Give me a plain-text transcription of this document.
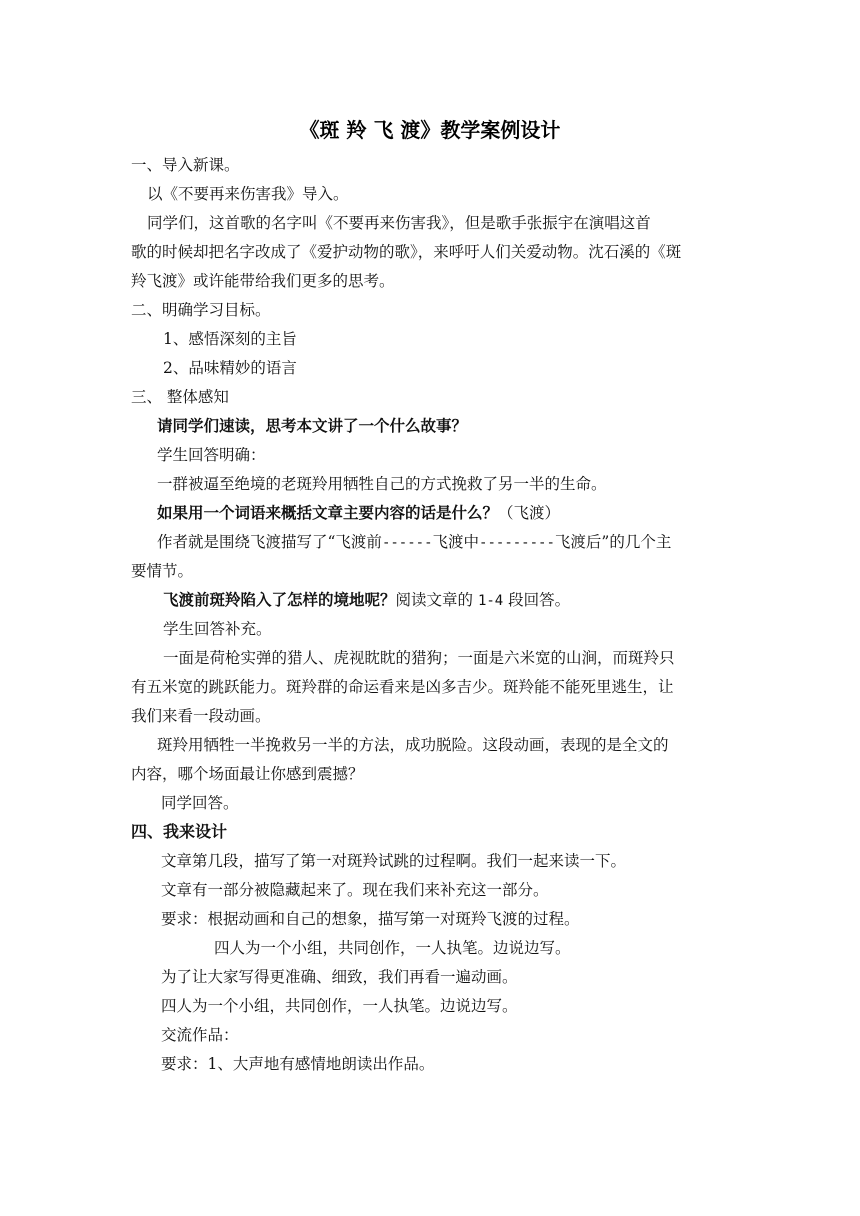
《斑 羚 飞 渡》教学案例设计
一、导入新课。
以《不要再来伤害我》导入。
同学们，这首歌的名字叫《不要再来伤害我》，但是歌手张振宇在演唱这首
歌的时候却把名字改成了《爱护动物的歌》，来呼吁人们关爱动物。沈石溪的《斑
羚飞渡》或许能带给我们更多的思考。
二、明确学习目标。
1、感悟深刻的主旨
2、品味精妙的语言
三、 整体感知
请同学们速读，思考本文讲了一个什么故事？
学生回答明确：
一群被逼至绝境的老斑羚用牺牲自己的方式挽救了另一半的生命。
如果用一个词语来概括文章主要内容的话是什么？（飞渡）
作者就是围绕飞渡描写了“飞渡前------飞渡中---------飞渡后”的几个主
要情节。
飞渡前斑羚陷入了怎样的境地呢？阅读文章的 1-4 段回答。
学生回答补充。
一面是荷枪实弹的猎人、虎视眈眈的猎狗；一面是六米宽的山涧，而斑羚只
有五米宽的跳跃能力。斑羚群的命运看来是凶多吉少。斑羚能不能死里逃生，让
我们来看一段动画。
斑羚用牺牲一半挽救另一半的方法，成功脱险。这段动画，表现的是全文的
内容，哪个场面最让你感到震撼？
同学回答。
四、我来设计
文章第几段，描写了第一对斑羚试跳的过程啊。我们一起来读一下。
文章有一部分被隐藏起来了。现在我们来补充这一部分。
要求：根据动画和自己的想象，描写第一对斑羚飞渡的过程。
四人为一个小组，共同创作，一人执笔。边说边写。
为了让大家写得更准确、细致，我们再看一遍动画。
四人为一个小组，共同创作，一人执笔。边说边写。
交流作品：
要求：1、大声地有感情地朗读出作品。
